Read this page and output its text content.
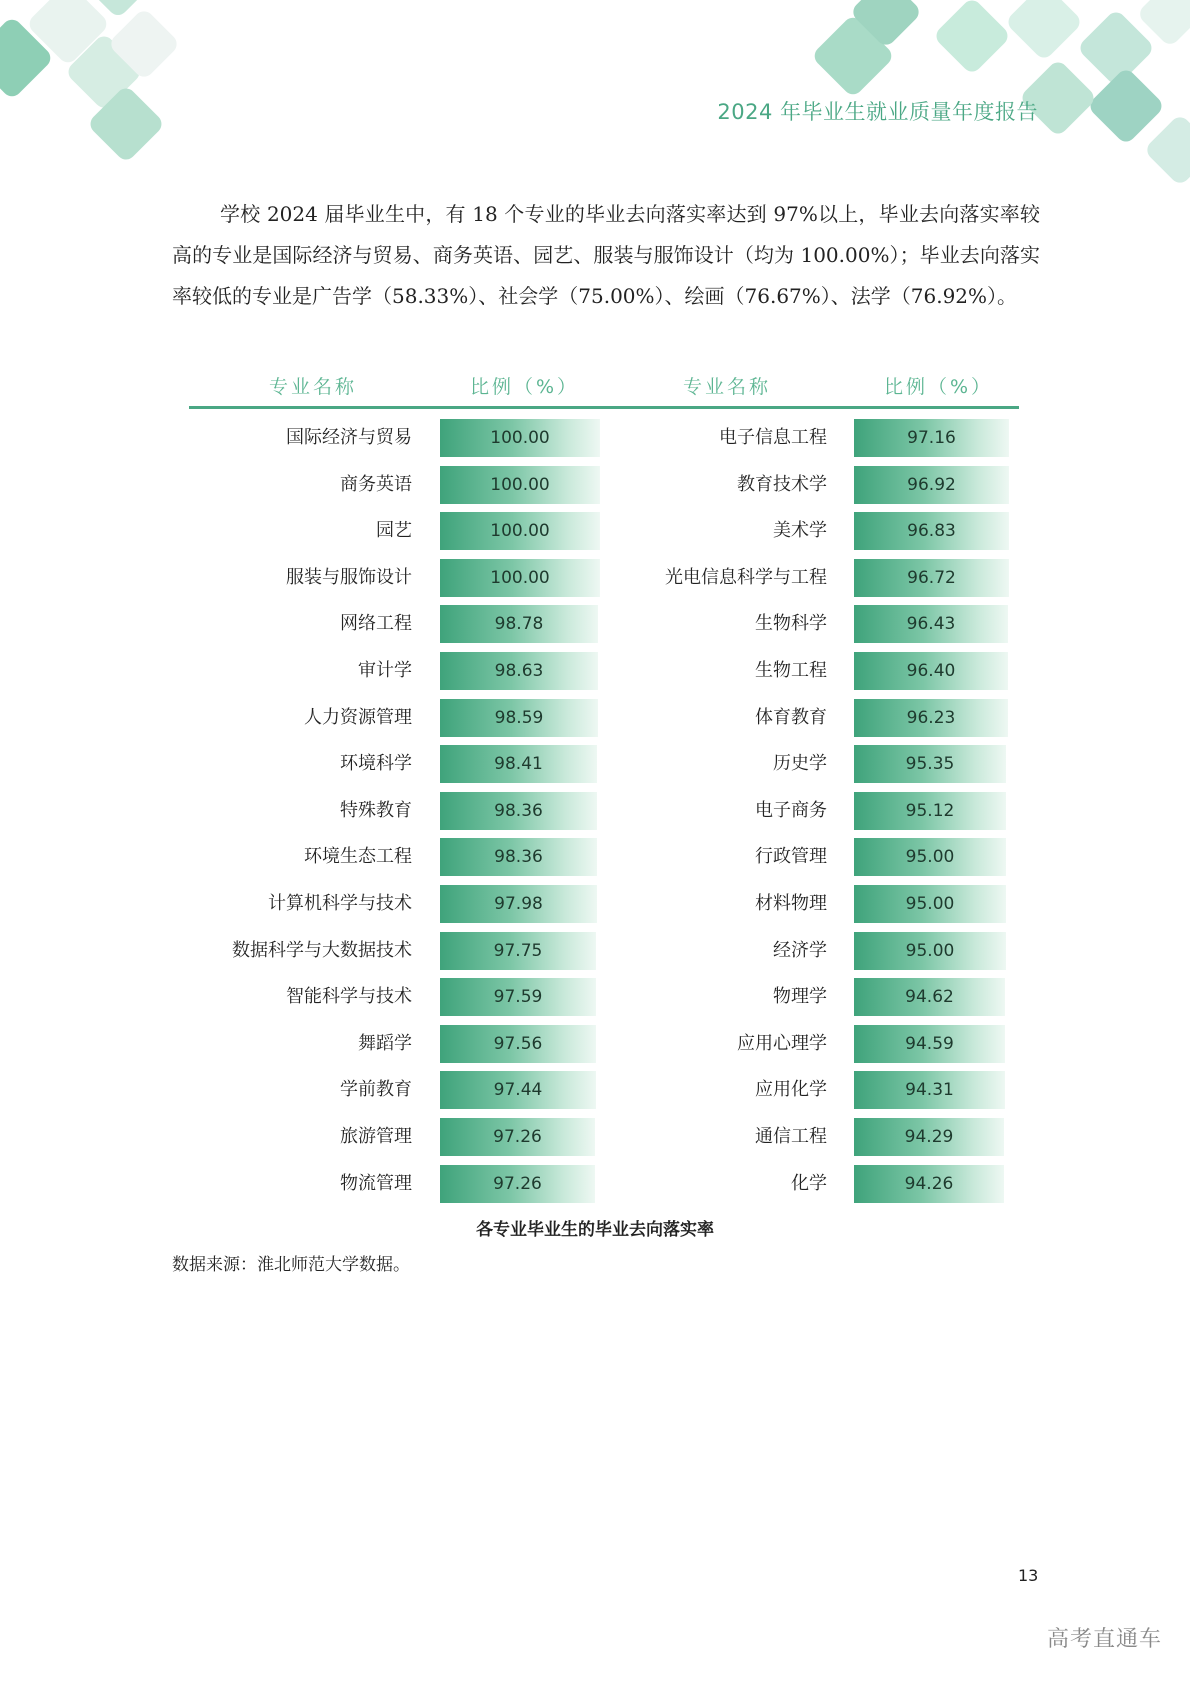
2024 年毕业生就业质量年度报告

学校 2024 届毕业生中，有 18 个专业的毕业去向落实率达到 97%以上，毕业去向落实率较高的专业是国际经济与贸易、商务英语、园艺、服装与服饰设计（均为 100.00%）；毕业去向落实率较低的专业是广告学（58.33%）、社会学（75.00%）、绘画（76.67%）、法学（76.92%）。

专业名称	比例（%）	专业名称	比例（%）
国际经济与贸易	100.00	电子信息工程	97.16
商务英语	100.00	教育技术学	96.92
园艺	100.00	美术学	96.83
服装与服饰设计	100.00	光电信息科学与工程	96.72
网络工程	98.78	生物科学	96.43
审计学	98.63	生物工程	96.40
人力资源管理	98.59	体育教育	96.23
环境科学	98.41	历史学	95.35
特殊教育	98.36	电子商务	95.12
环境生态工程	98.36	行政管理	95.00
计算机科学与技术	97.98	材料物理	95.00
数据科学与大数据技术	97.75	经济学	95.00
智能科学与技术	97.59	物理学	94.62
舞蹈学	97.56	应用心理学	94.59
学前教育	97.44	应用化学	94.31
旅游管理	97.26	通信工程	94.29
物流管理	97.26	化学	94.26
各专业毕业生的毕业去向落实率
数据来源：淮北师范大学数据。
13
高考直通车
